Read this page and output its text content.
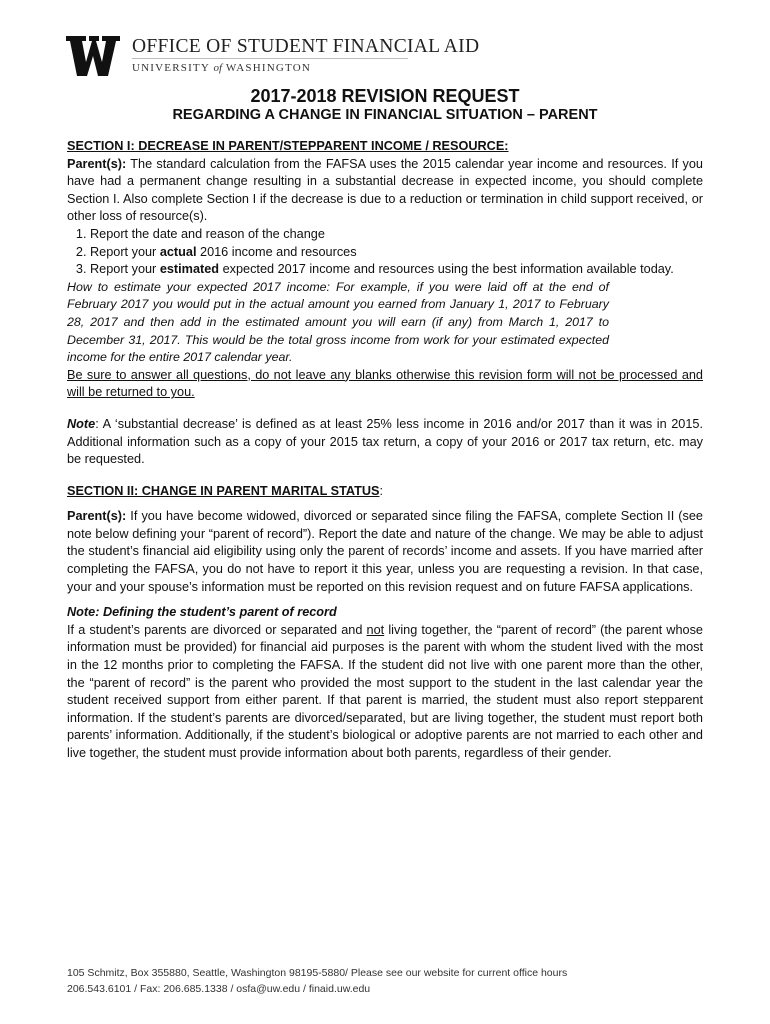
OFFICE OF STUDENT FINANCIAL AID
UNIVERSITY of WASHINGTON
2017-2018 REVISION REQUEST
REGARDING A CHANGE IN FINANCIAL SITUATION – PARENT

SECTION I: DECREASE IN PARENT/STEPPARENT INCOME / RESOURCE:

Parent(s): The standard calculation from the FAFSA uses the 2015 calendar year income and resources. If you have had a permanent change resulting in a substantial decrease in expected income, you should complete Section I. Also complete Section I if the decrease is due to a reduction or termination in child support received, or other loss of resource(s).

1. Report the date and reason of the change
2. Report your actual 2016 income and resources
3. Report your estimated expected 2017 income and resources using the best information available today.

How to estimate your expected 2017 income: For example, if you were laid off at the end of February 2017 you would put in the actual amount you earned from January 1, 2017 to February 28, 2017 and then add in the estimated amount you will earn (if any) from March 1, 2017 to December 31, 2017. This would be the total gross income from work for your estimated expected income for the entire 2017 calendar year.

Be sure to answer all questions, do not leave any blanks otherwise this revision form will not be processed and will be returned to you.

Note: A ‘substantial decrease’ is defined as at least 25% less income in 2016 and/or 2017 than it was in 2015. Additional information such as a copy of your 2015 tax return, a copy of your 2016 or 2017 tax return, etc. may be requested.

SECTION II: CHANGE IN PARENT MARITAL STATUS:

Parent(s): If you have become widowed, divorced or separated since filing the FAFSA, complete Section II (see note below defining your “parent of record”). Report the date and nature of the change. We may be able to adjust the student’s financial aid eligibility using only the parent of records’ income and assets. If you have married after completing the FAFSA, you do not have to report it this year, unless you are requesting a revision. In that case, your and your spouse’s information must be reported on this revision request and on future FAFSA applications.

Note: Defining the student’s parent of record

If a student’s parents are divorced or separated and not living together, the “parent of record” (the parent whose information must be provided) for financial aid purposes is the parent with whom the student lived with the most in the 12 months prior to completing the FAFSA. If the student did not live with one parent more than the other, the “parent of record” is the parent who provided the most support to the student in the last calendar year the student received support from either parent. If that parent is married, the student must also report stepparent information. If the student’s parents are divorced/separated, but are living together, the student must report both parents’ information. Additionally, if the student’s biological or adoptive parents are not married to each other and live together, the student must provide information about both parents, regardless of their gender.

105 Schmitz, Box 355880, Seattle, Washington 98195-5880/ Please see our website for current office hours
206.543.6101 / Fax: 206.685.1338 / osfa@uw.edu / finaid.uw.edu
